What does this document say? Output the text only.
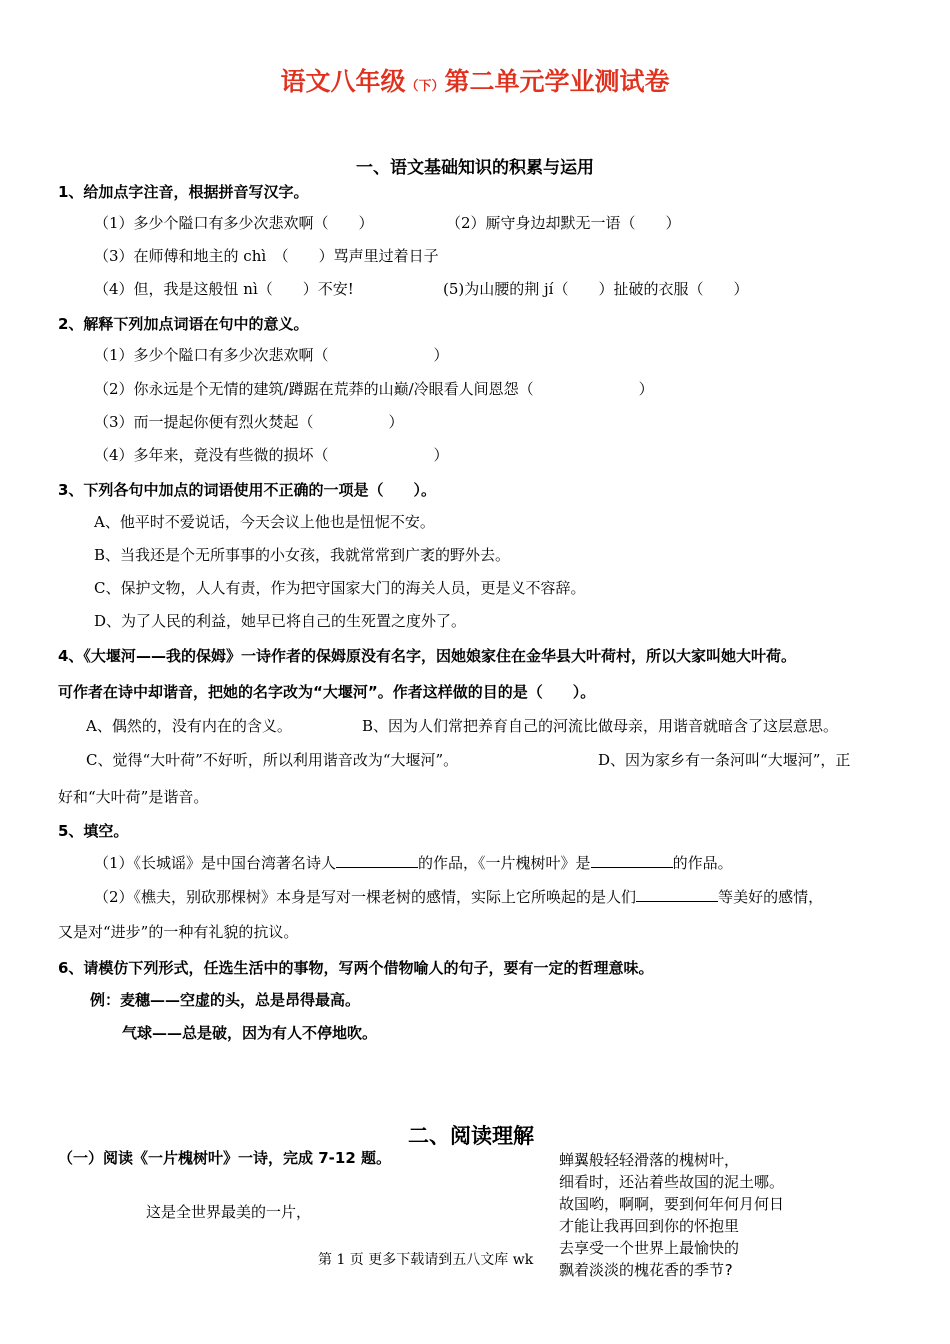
语文八年级（下）第二单元学业测试卷
一、语文基础知识的积累与运用
1、给加点字注音，根据拼音写汉字。
（1）多少个隘口有多少次悲欢啊（　　）	（2）厮守身边却默无一语（　　）
（3）在师傅和地主的 chì　（　　）骂声里过着日子
（4）但，我是这般忸 nì（　　）不安!	(5)为山腰的荆 jí（　　）扯破的衣服（　　）
2、解释下列加点词语在句中的意义。
（1）多少个隘口有多少次悲欢啊（　　　　　　　）
（2）你永远是个无情的建筑/蹲踞在荒莽的山巅/冷眼看人间恩怨（　　　　　　　）
（3）而一提起你便有烈火焚起（　　　　　）
（4）多年来，竟没有些微的损坏（　　　　　　　）
3、下列各句中加点的词语使用不正确的一项是（　　）。
A、他平时不爱说话，今天会议上他也是忸怩不安。
B、当我还是个无所事事的小女孩，我就常常到广袤的野外去。
C、保护文物，人人有责，作为把守国家大门的海关人员，更是义不容辞。
D、为了人民的利益，她早已将自己的生死置之度外了。
4、《大堰河——我的保姆》一诗作者的保姆原没有名字，因她娘家住在金华县大叶荷村，所以大家叫她大叶荷。
可作者在诗中却谐音，把她的名字改为“大堰河”。作者这样做的目的是（　　）。
A、偶然的，没有内在的含义。	B、因为人们常把养育自己的河流比做母亲，用谐音就暗含了这层意思。
C、觉得“大叶荷”不好听，所以利用谐音改为“大堰河”。	D、因为家乡有一条河叫“大堰河”，正
好和“大叶荷”是谐音。
5、填空。
（1）《长城谣》是中国台湾著名诗人	的作品，《一片槐树叶》是	的作品。
（2）《樵夫，别砍那棵树》本身是写对一棵老树的感情，实际上它所唤起的是人们	等美好的感情，
又是对“进步”的一种有礼貌的抗议。
6、请模仿下列形式，任选生活中的事物，写两个借物喻人的句子，要有一定的哲理意味。
例：麦穗——空虚的头，总是昂得最高。
气球——总是破，因为有人不停地吹。
二、阅读理解
（一）阅读《一片槐树叶》一诗，完成 7-12 题。
这是全世界最美的一片，
蝉翼般轻轻滑落的槐树叶，
细看时，还沾着些故国的泥土哪。
故国哟，啊啊，要到何年何月何日
才能让我再回到你的怀抱里
去享受一个世界上最愉快的
飘着淡淡的槐花香的季节?
第 1 页 更多下载请到五八文库 wk
